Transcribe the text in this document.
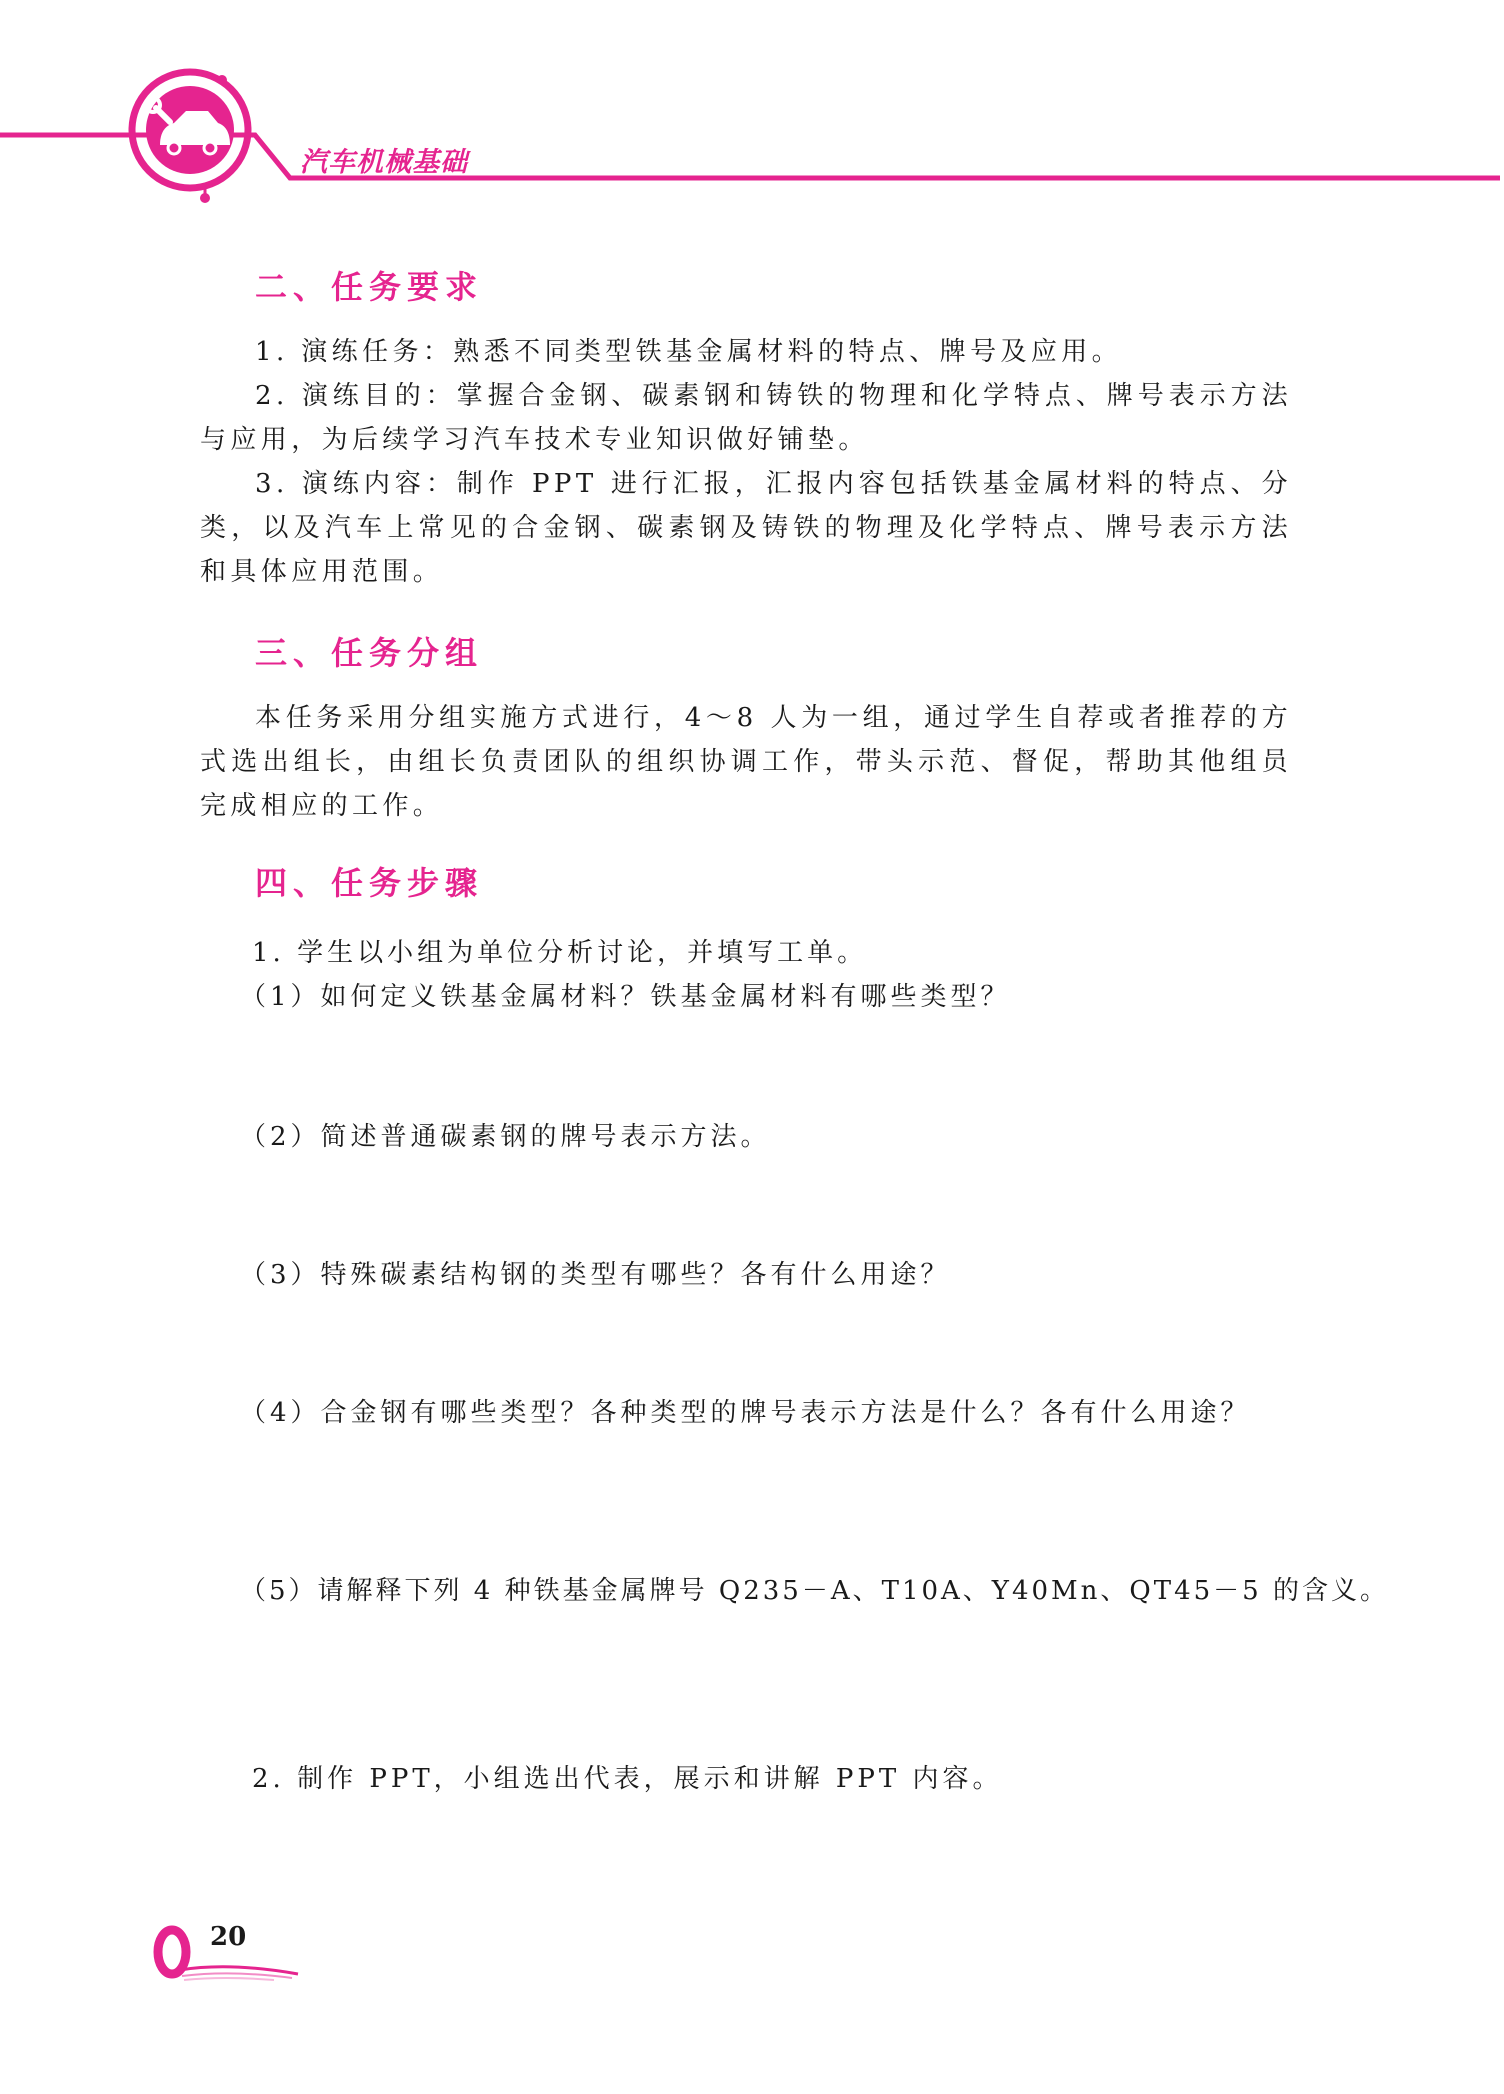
汽车机械基础
二、任务要求
1. 演练任务：熟悉不同类型铁基金属材料的特点、牌号及应用。
2. 演练目的：掌握合金钢、碳素钢和铸铁的物理和化学特点、牌号表示方法与应用，为后续学习汽车技术专业知识做好铺垫。
3. 演练内容：制作 PPT 进行汇报，汇报内容包括铁基金属材料的特点、分类，以及汽车上常见的合金钢、碳素钢及铸铁的物理及化学特点、牌号表示方法和具体应用范围。
三、任务分组
本任务采用分组实施方式进行，4～8 人为一组，通过学生自荐或者推荐的方式选出组长，由组长负责团队的组织协调工作，带头示范、督促，帮助其他组员完成相应的工作。
四、任务步骤
1. 学生以小组为单位分析讨论，并填写工单。
（1）如何定义铁基金属材料？铁基金属材料有哪些类型？
（2）简述普通碳素钢的牌号表示方法。
（3）特殊碳素结构钢的类型有哪些？各有什么用途？
（4）合金钢有哪些类型？各种类型的牌号表示方法是什么？各有什么用途？
（5）请解释下列 4 种铁基金属牌号 Q235－A、T10A、Y40Mn、QT45－5 的含义。
2. 制作 PPT，小组选出代表，展示和讲解 PPT 内容。
20
